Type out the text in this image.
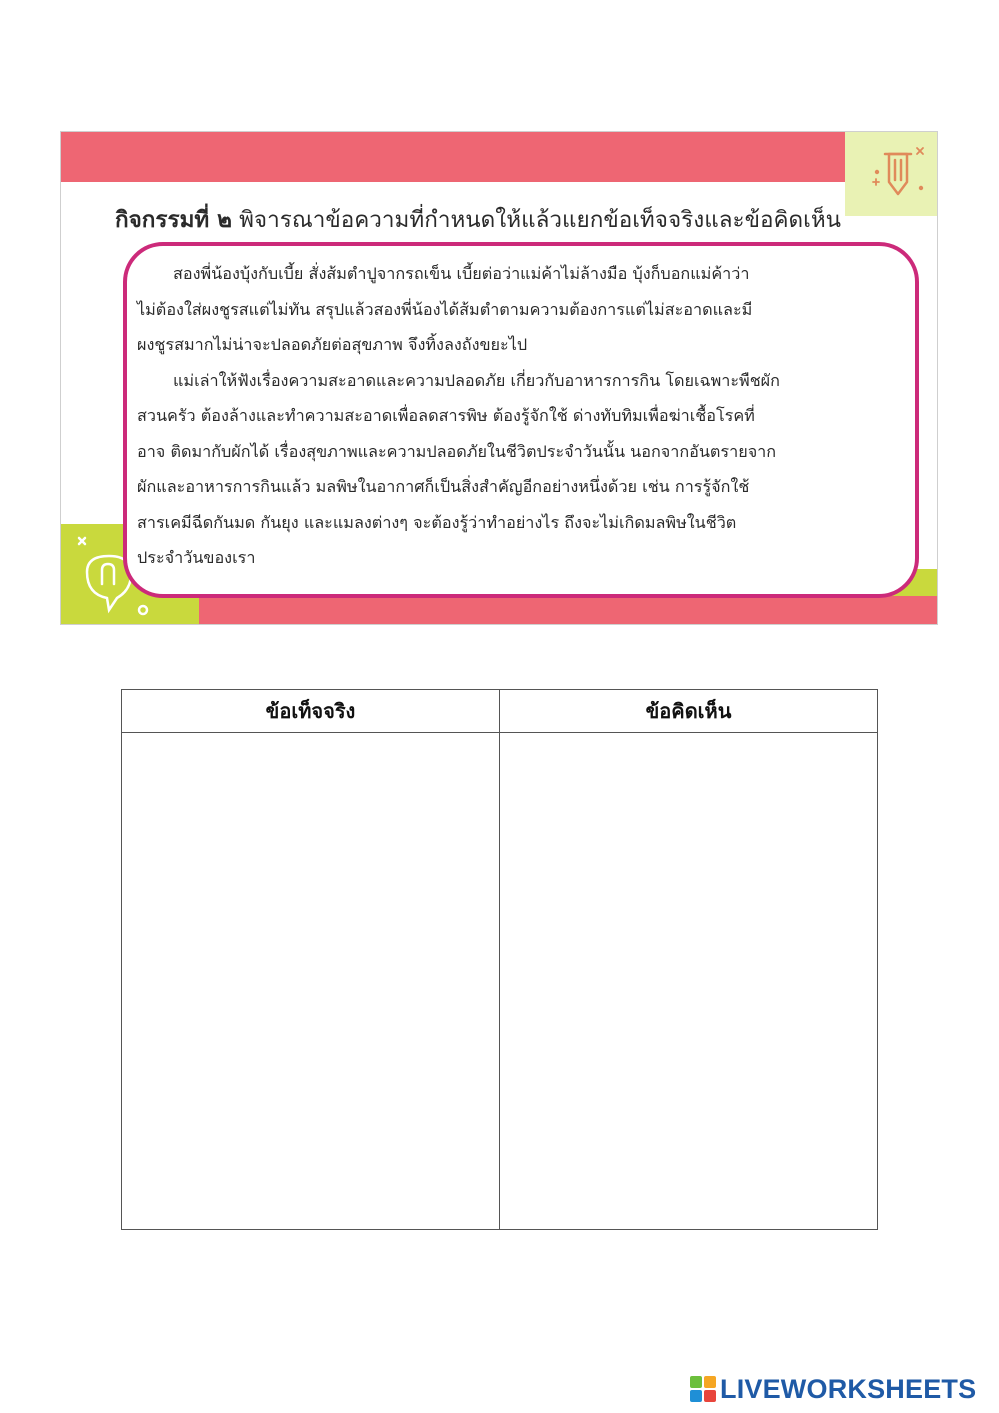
กิจกรรมที่ ๒ พิจารณาข้อความที่กำหนดให้แล้วแยกข้อเท็จจริงและข้อคิดเห็น

สองพี่น้องบุ้งกับเบี้ย สั่งส้มตำปูจากรถเข็น เบี้ยต่อว่าแม่ค้าไม่ล้างมือ บุ้งก็บอกแม่ค้าว่า
ไม่ต้องใส่ผงชูรสแต่ไม่ทัน สรุปแล้วสองพี่น้องได้ส้มตำตามความต้องการแต่ไม่สะอาดและมี
ผงชูรสมากไม่น่าจะปลอดภัยต่อสุขภาพ จึงทิ้งลงถังขยะไป

แม่เล่าให้ฟังเรื่องความสะอาดและความปลอดภัย เกี่ยวกับอาหารการกิน โดยเฉพาะพืชผัก
สวนครัว ต้องล้างและทำความสะอาดเพื่อลดสารพิษ ต้องรู้จักใช้ ด่างทับทิมเพื่อฆ่าเชื้อโรคที่
อาจ ติดมากับผักได้ เรื่องสุขภาพและความปลอดภัยในชีวิตประจำวันนั้น นอกจากอันตรายจาก
ผักและอาหารการกินแล้ว มลพิษในอากาศก็เป็นสิ่งสำคัญอีกอย่างหนึ่งด้วย เช่น การรู้จักใช้
สารเคมีฉีดกันมด กันยุง และแมลงต่างๆ จะต้องรู้ว่าทำอย่างไร ถึงจะไม่เกิดมลพิษในชีวิต
ประจำวันของเรา

ข้อเท็จจริง	ข้อคิดเห็น

LIVEWORKSHEETS
